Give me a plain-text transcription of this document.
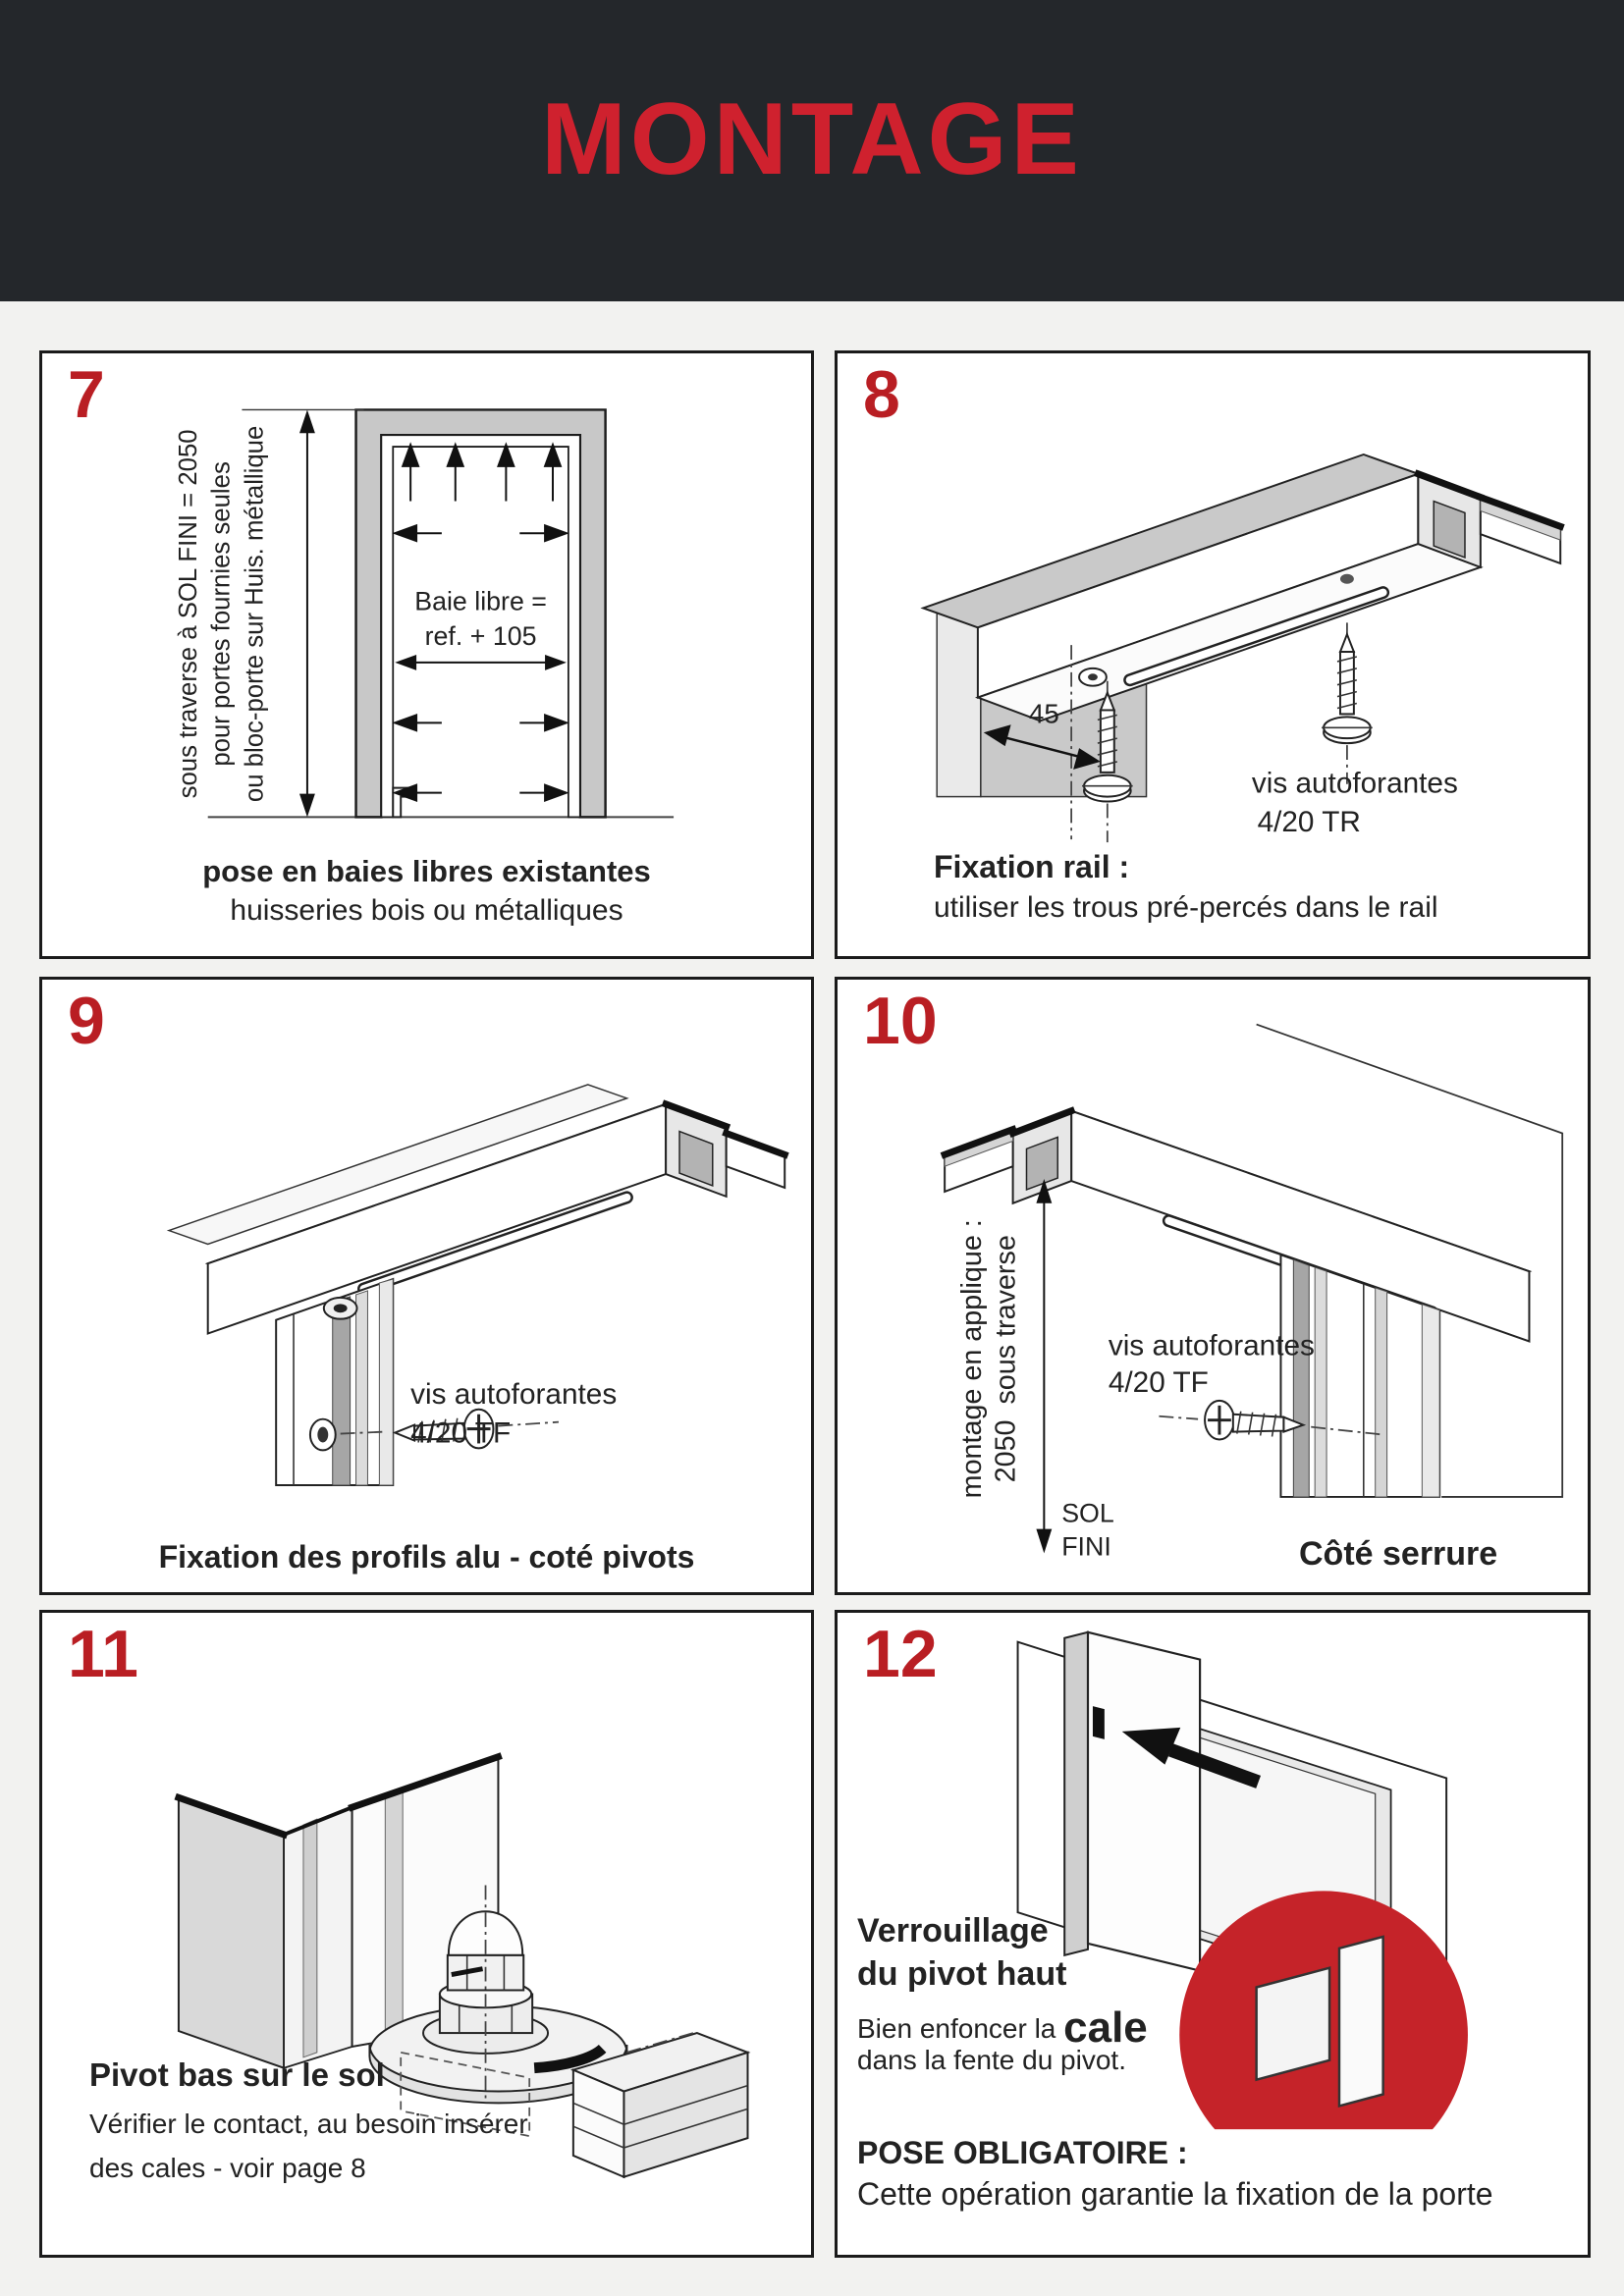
MONTAGE
7
Baie libre =
ref. + 105
sous traverse à SOL FINI = 2050 pour portes fournies seules ou bloc-porte sur Huis. métallique
pose en baies libres existantes
huisseries bois ou métalliques
8
45
vis autoforantes
4/20 TR
Fixation rail :
utiliser les trous pré-percés dans le rail
9
vis autoforantes
4/20 TF
Fixation des profils alu - coté pivots
10
montage en applique : 2050  sous traverse
SOL
FINI
vis autoforantes
4/20 TF
Côté serrure
11
Pivot bas sur le sol
Vérifier le contact, au besoin insérer
des cales - voir page 8
12
Verrouillage
du pivot haut
Bien enfoncer la cale
dans la fente du pivot.
POSE OBLIGATOIRE :
Cette opération garantie la fixation de la porte
